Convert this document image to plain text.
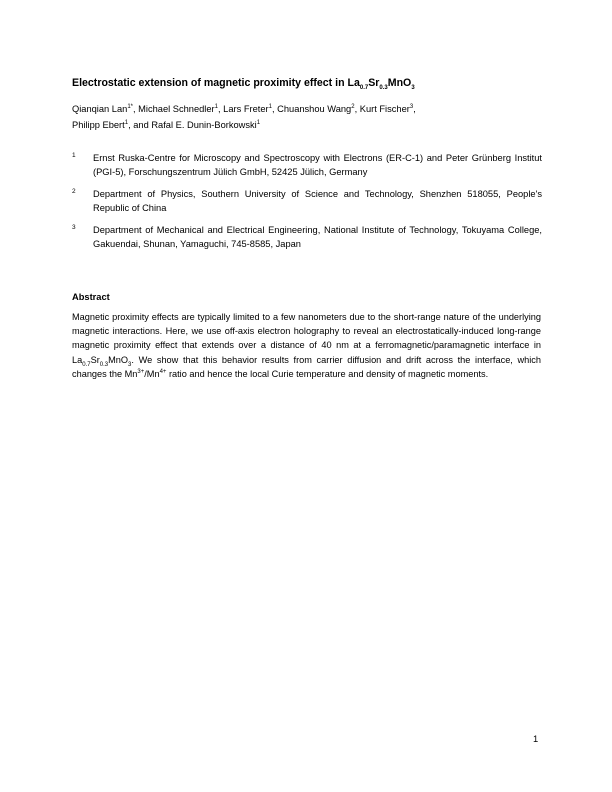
Electrostatic extension of magnetic proximity effect in $La_{0.7}Sr_{0.3}MnO_3$
Qianqian Lan$^{1*}$, Michael Schnedler$^1$, Lars Freter$^1$, Chuanshou Wang$^2$, Kurt Fischer$^3$,
Philipp Ebert$^1$, and Rafal E. Dunin-Borkowski$^1$
1 Ernst Ruska-Centre for Microscopy and Spectroscopy with Electrons (ER-C-1) and Peter Grünberg Institut (PGI-5), Forschungszentrum Jülich GmbH, 52425 Jülich, Germany
2 Department of Physics, Southern University of Science and Technology, Shenzhen 518055, People's Republic of China
3 Department of Mechanical and Electrical Engineering, National Institute of Technology, Tokuyama College, Gakuendai, Shunan, Yamaguchi, 745-8585, Japan
Abstract
Magnetic proximity effects are typically limited to a few nanometers due to the short-range nature of the underlying magnetic interactions. Here, we use off-axis electron holography to reveal an electrostatically-induced long-range magnetic proximity effect that extends over a distance of 40 nm at a ferromagnetic/paramagnetic interface in $La_{0.7}Sr_{0.3}MnO_3$. We show that this behavior results from carrier diffusion and drift across the interface, which changes the $Mn^{3+}/Mn^{4+}$ ratio and hence the local Curie temperature and density of magnetic moments.
1
